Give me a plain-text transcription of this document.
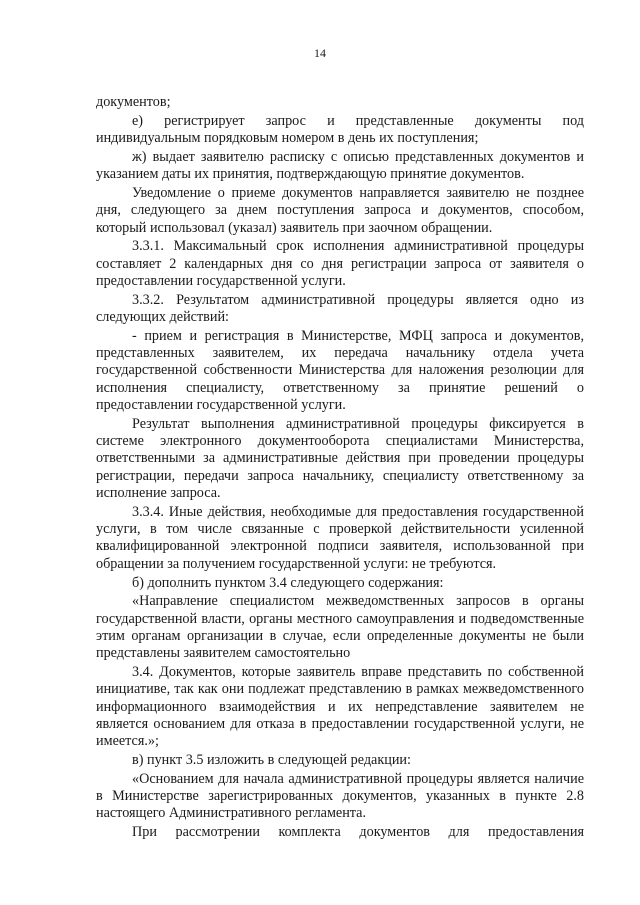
14

документов;

е) регистрирует запрос и представленные документы под индивидуальным порядковым номером в день их поступления;

ж) выдает заявителю расписку с описью представленных документов и указанием даты их принятия, подтверждающую принятие документов.

Уведомление о приеме документов направляется заявителю не позднее дня, следующего за днем поступления запроса и документов, способом, который использовал (указал) заявитель при заочном обращении.

3.3.1. Максимальный срок исполнения административной процедуры составляет 2 календарных дня со дня регистрации запроса от заявителя о предоставлении государственной услуги.

3.3.2. Результатом административной процедуры является одно из следующих действий:

- прием и регистрация в Министерстве, МФЦ запроса и документов, представленных заявителем, их передача начальнику отдела учета государственной собственности Министерства для наложения резолюции для исполнения специалисту, ответственному за принятие решений о предоставлении государственной услуги.

Результат выполнения административной процедуры фиксируется в системе электронного документооборота специалистами Министерства, ответственными за административные действия при проведении процедуры регистрации, передачи запроса начальнику, специалисту ответственному за исполнение запроса.

3.3.4. Иные действия, необходимые для предоставления государственной услуги, в том числе связанные с проверкой действительности усиленной квалифицированной электронной подписи заявителя, использованной при обращении за получением государственной услуги: не требуются.

б) дополнить пунктом 3.4 следующего содержания:

«Направление специалистом межведомственных запросов в органы государственной власти, органы местного самоуправления и подведомственные этим органам организации в случае, если определенные документы не были представлены заявителем самостоятельно

3.4. Документов, которые заявитель вправе представить по собственной инициативе, так как они подлежат представлению в рамках межведомственного информационного взаимодействия и их непредставление заявителем не является основанием для отказа в предоставлении государственной услуги, не имеется.»;

в) пункт 3.5 изложить в следующей редакции:

«Основанием для начала административной процедуры является наличие в Министерстве зарегистрированных документов, указанных в пункте 2.8 настоящего Административного регламента.

При рассмотрении комплекта документов для предоставления
